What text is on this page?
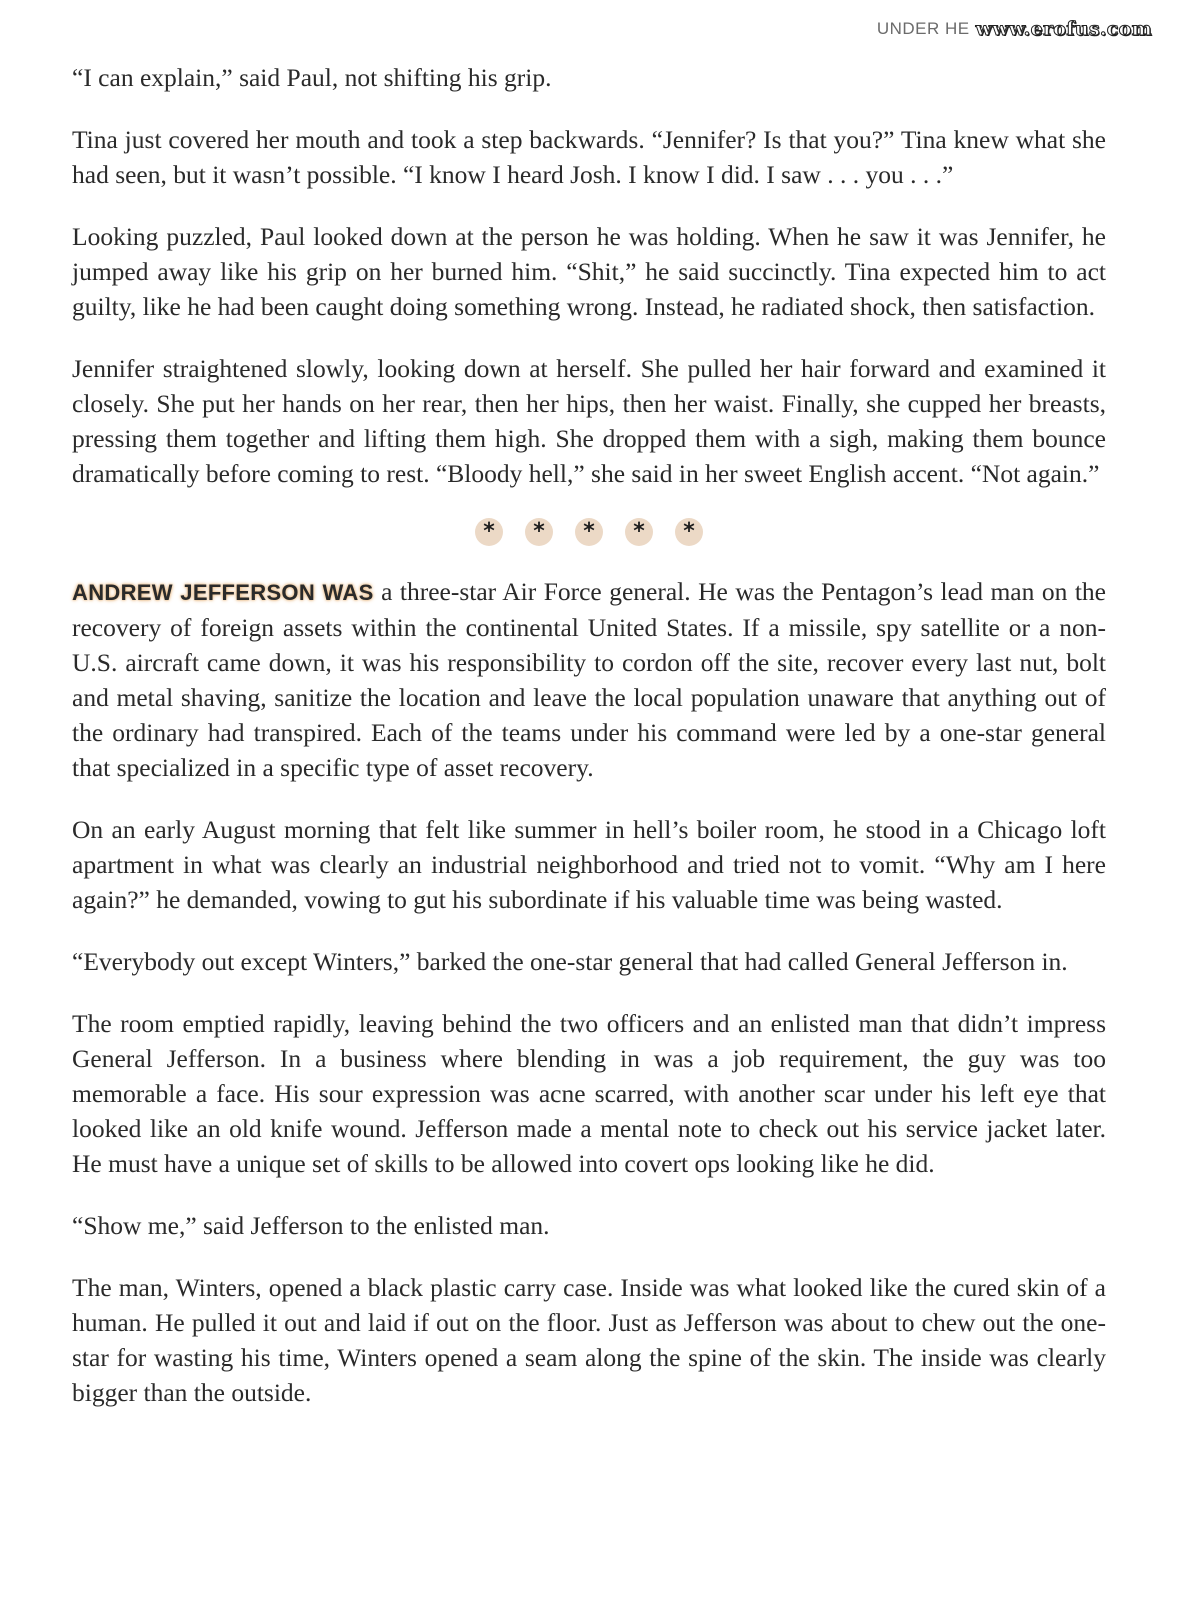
UNDER HE www.erofus.com

“I can explain,” said Paul, not shifting his grip.

Tina just covered her mouth and took a step backwards. “Jennifer? Is that you?” Tina knew what she had seen, but it wasn’t possible. “I know I heard Josh. I know I did. I saw . . . you . . .”

Looking puzzled, Paul looked down at the person he was holding. When he saw it was Jennifer, he jumped away like his grip on her burned him. “Shit,” he said succinctly. Tina expected him to act guilty, like he had been caught doing something wrong. Instead, he radiated shock, then satisfaction.

Jennifer straightened slowly, looking down at herself. She pulled her hair forward and examined it closely. She put her hands on her rear, then her hips, then her waist. Finally, she cupped her breasts, pressing them together and lifting them high. She dropped them with a sigh, making them bounce dramatically before coming to rest. “Bloody hell,” she said in her sweet English accent. “Not again.”

*	*	*	*	*

ANDREW JEFFERSON WAS a three-star Air Force general. He was the Pentagon’s lead man on the recovery of foreign assets within the continental United States. If a missile, spy satellite or a non-U.S. aircraft came down, it was his responsibility to cordon off the site, recover every last nut, bolt and metal shaving, sanitize the location and leave the local population unaware that anything out of the ordinary had transpired. Each of the teams under his command were led by a one-star general that specialized in a specific type of asset recovery.

On an early August morning that felt like summer in hell’s boiler room, he stood in a Chicago loft apartment in what was clearly an industrial neighborhood and tried not to vomit. “Why am I here again?” he demanded, vowing to gut his subordinate if his valuable time was being wasted.

“Everybody out except Winters,” barked the one-star general that had called General Jefferson in.

The room emptied rapidly, leaving behind the two officers and an enlisted man that didn’t impress General Jefferson. In a business where blending in was a job requirement, the guy was too memorable a face. His sour expression was acne scarred, with another scar under his left eye that looked like an old knife wound. Jefferson made a mental note to check out his service jacket later. He must have a unique set of skills to be allowed into covert ops looking like he did.

“Show me,” said Jefferson to the enlisted man.

The man, Winters, opened a black plastic carry case. Inside was what looked like the cured skin of a human. He pulled it out and laid if out on the floor. Just as Jefferson was about to chew out the one-star for wasting his time, Winters opened a seam along the spine of the skin. The inside was clearly bigger than the outside.
